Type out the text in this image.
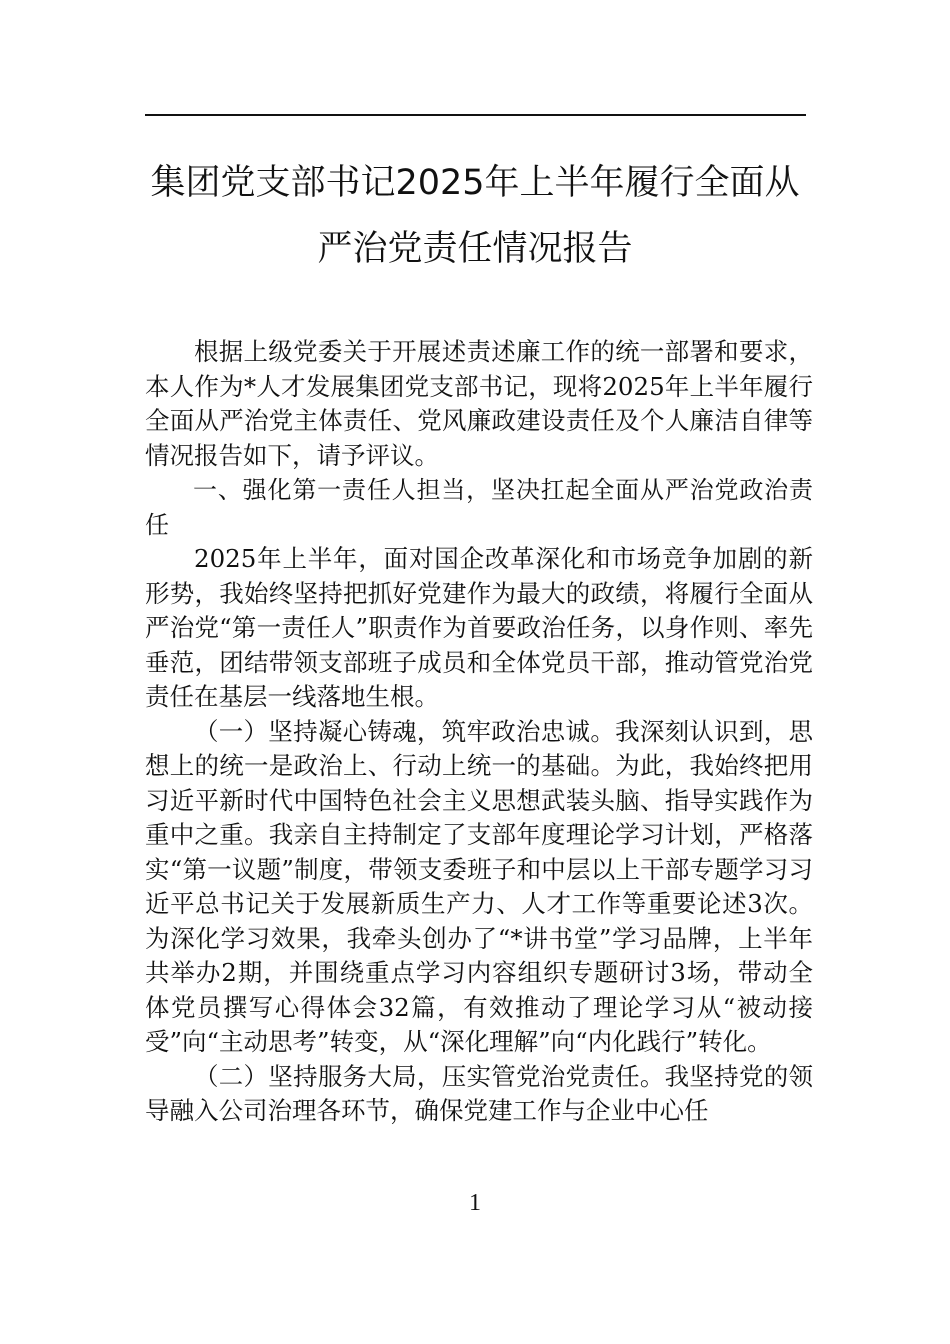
集团党支部书记2025年上半年履行全面从
严治党责任情况报告

根据上级党委关于开展述责述廉工作的统一部署和要求，本人作为*人才发展集团党支部书记，现将2025年上半年履行全面从严治党主体责任、党风廉政建设责任及个人廉洁自律等情况报告如下，请予评议。

一、强化第一责任人担当，坚决扛起全面从严治党政治责任

2025年上半年，面对国企改革深化和市场竞争加剧的新形势，我始终坚持把抓好党建作为最大的政绩，将履行全面从严治党“第一责任人”职责作为首要政治任务，以身作则、率先垂范，团结带领支部班子成员和全体党员干部，推动管党治党责任在基层一线落地生根。

（一）坚持凝心铸魂，筑牢政治忠诚。我深刻认识到，思想上的统一是政治上、行动上统一的基础。为此，我始终把用习近平新时代中国特色社会主义思想武装头脑、指导实践作为重中之重。我亲自主持制定了支部年度理论学习计划，严格落实“第一议题”制度，带领支委班子和中层以上干部专题学习习近平总书记关于发展新质生产力、人才工作等重要论述3次。为深化学习效果，我牵头创办了“*讲书堂”学习品牌，上半年共举办2期，并围绕重点学习内容组织专题研讨3场，带动全体党员撰写心得体会32篇，有效推动了理论学习从“被动接受”向“主动思考”转变，从“深化理解”向“内化践行”转化。

（二）坚持服务大局，压实管党治党责任。我坚持党的领导融入公司治理各环节，确保党建工作与企业中心任

1
